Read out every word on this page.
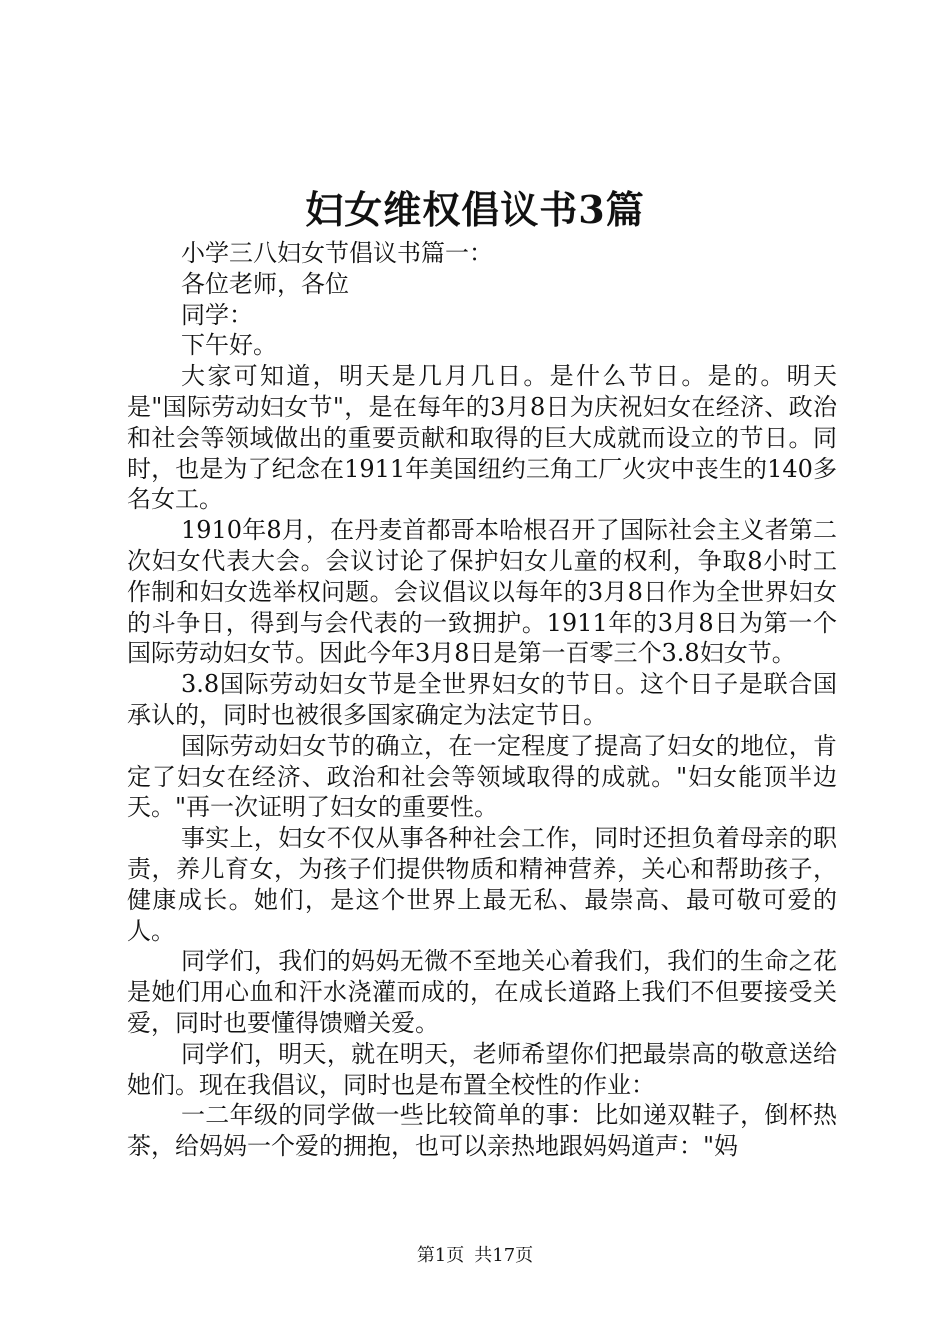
妇女维权倡议书3篇

小学三八妇女节倡议书篇一：

各位老师，各位

同学：

下午好。

大家可知道，明天是几月几日。是什么节日。是的。明天是"国际劳动妇女节"，是在每年的3月8日为庆祝妇女在经济、政治和社会等领域做出的重要贡献和取得的巨大成就而设立的节日。同时，也是为了纪念在1911年美国纽约三角工厂火灾中丧生的140多名女工。

1910年8月，在丹麦首都哥本哈根召开了国际社会主义者第二次妇女代表大会。会议讨论了保护妇女儿童的权利，争取8小时工作制和妇女选举权问题。会议倡议以每年的3月8日作为全世界妇女的斗争日，得到与会代表的一致拥护。1911年的3月8日为第一个国际劳动妇女节。因此今年3月8日是第一百零三个3.8妇女节。

3.8国际劳动妇女节是全世界妇女的节日。这个日子是联合国承认的，同时也被很多国家确定为法定节日。

国际劳动妇女节的确立，在一定程度了提高了妇女的地位，肯定了妇女在经济、政治和社会等领域取得的成就。"妇女能顶半边天。"再一次证明了妇女的重要性。

事实上，妇女不仅从事各种社会工作，同时还担负着母亲的职责，养儿育女，为孩子们提供物质和精神营养，关心和帮助孩子，健康成长。她们，是这个世界上最无私、最崇高、最可敬可爱的人。

同学们，我们的妈妈无微不至地关心着我们，我们的生命之花是她们用心血和汗水浇灌而成的，在成长道路上我们不但要接受关爱，同时也要懂得馈赠关爱。

同学们，明天，就在明天，老师希望你们把最崇高的敬意送给她们。现在我倡议，同时也是布置全校性的作业：

一二年级的同学做一些比较简单的事：比如递双鞋子，倒杯热茶，给妈妈一个爱的拥抱，也可以亲热地跟妈妈道声："妈

第1页 共17页
